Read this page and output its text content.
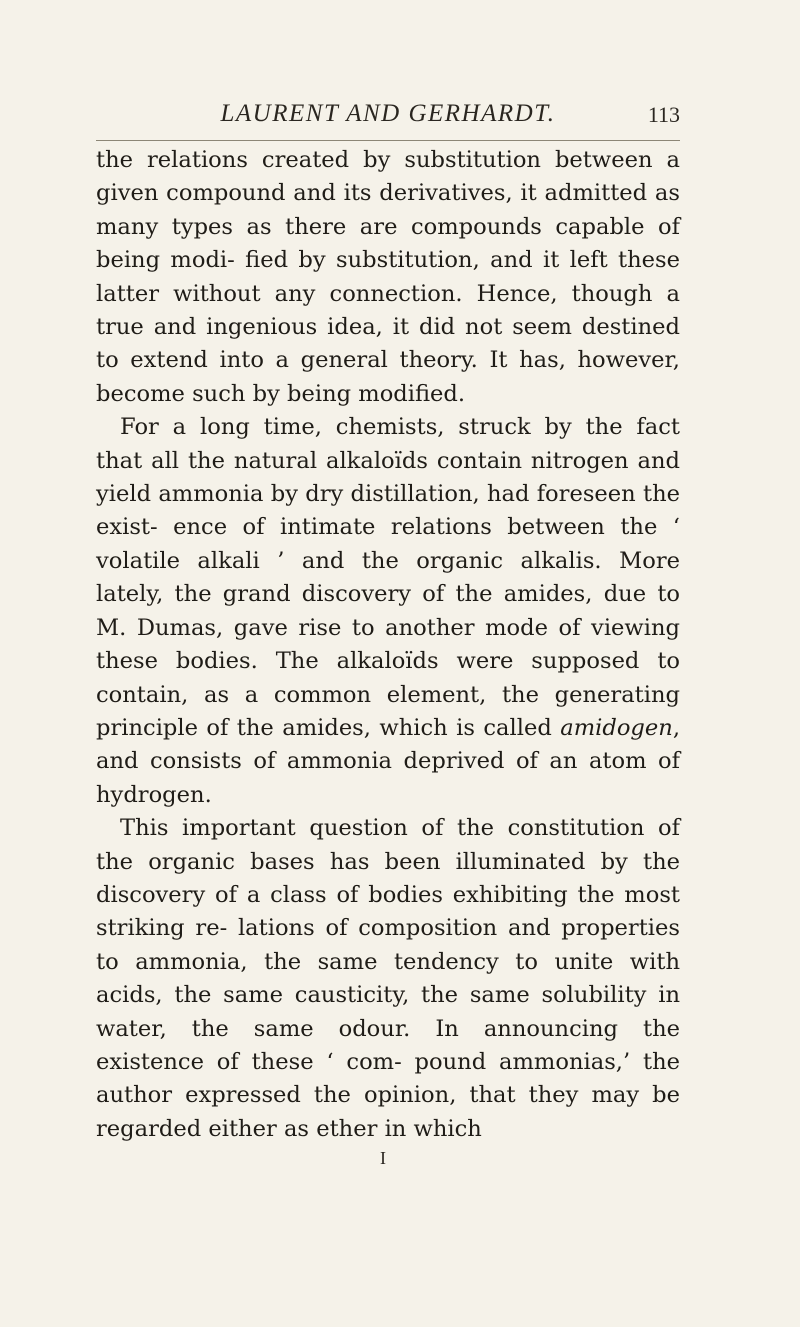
LAURENT AND GERHARDT.	113

the relations created by substitution between a given compound and its derivatives, it admitted as many types as there are compounds capable of being modi- fied by substitution, and it left these latter without any connection. Hence, though a true and ingenious idea, it did not seem destined to extend into a general theory. It has, however, become such by being modified.

For a long time, chemists, struck by the fact that all the natural alkaloïds contain nitrogen and yield ammonia by dry distillation, had foreseen the exist- ence of intimate relations between the ‘ volatile alkali ’ and the organic alkalis. More lately, the grand discovery of the amides, due to M. Dumas, gave rise to another mode of viewing these bodies. The alkaloïds were supposed to contain, as a common element, the generating principle of the amides, which is called amidogen, and consists of ammonia deprived of an atom of hydrogen.

This important question of the constitution of the organic bases has been illuminated by the discovery of a class of bodies exhibiting the most striking re- lations of composition and properties to ammonia, the same tendency to unite with acids, the same causticity, the same solubility in water, the same odour. In announcing the existence of these ‘ com- pound ammonias,’ the author expressed the opinion, that they may be regarded either as ether in which

I
